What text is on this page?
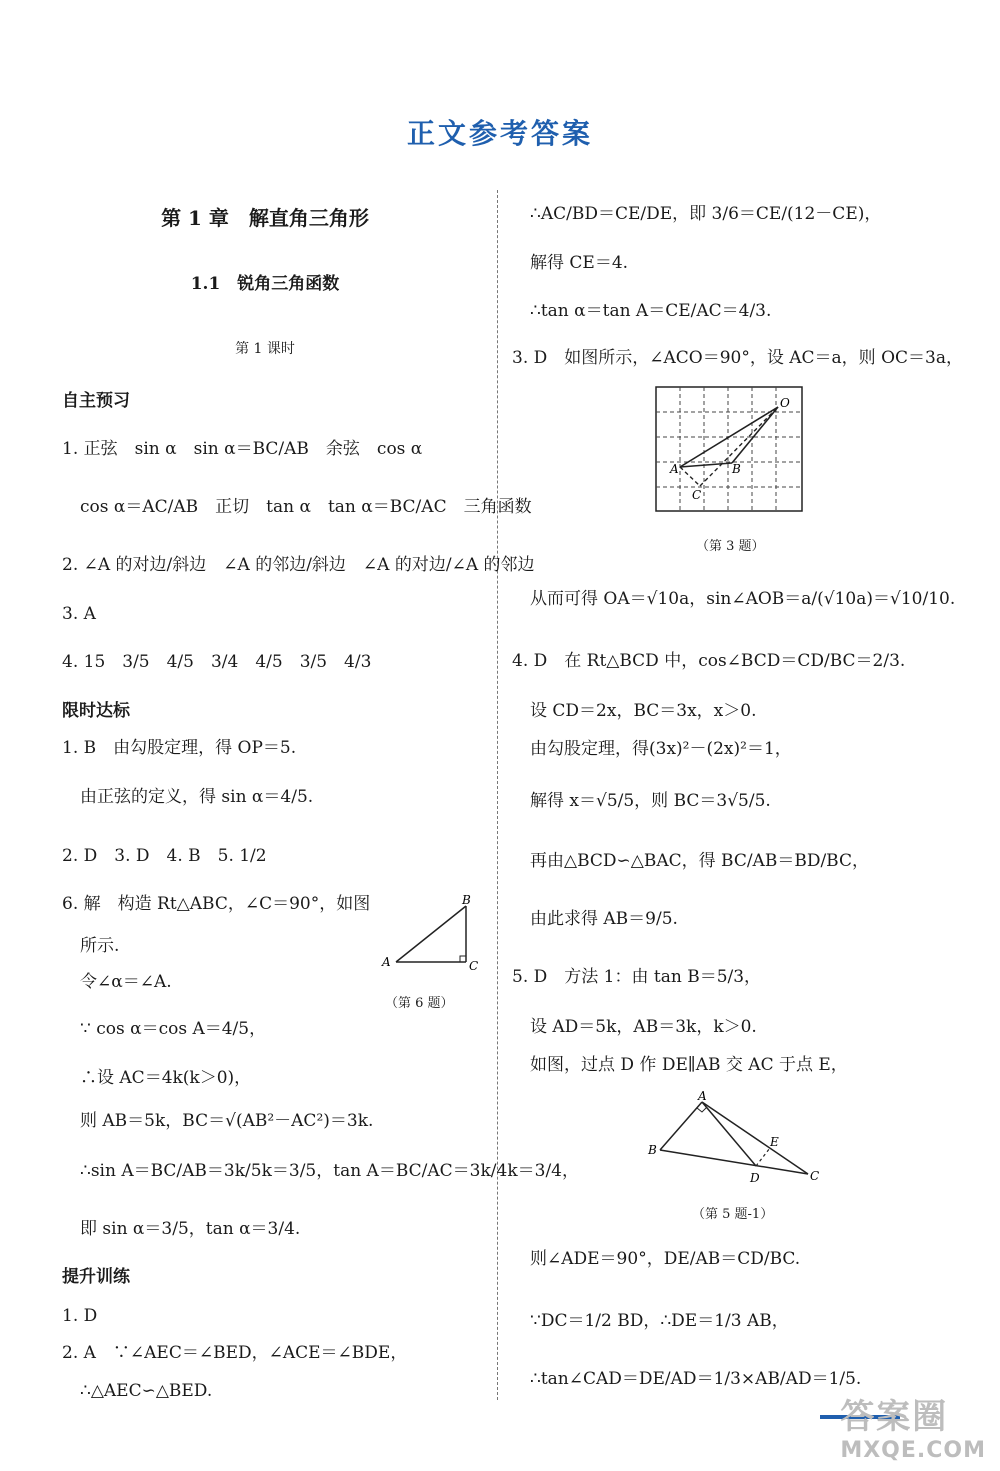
正文参考答案
第 1 章　解直角三角形
1.1　锐角三角函数
第 1 课时
自主预习
1. 正弦　sin α　sin α＝BC/AB　余弦　cos α
cos α＝AC/AB　正切　tan α　tan α＝BC/AC　三角函数
2. ∠A 的对边/斜边　∠A 的邻边/斜边　∠A 的对边/∠A 的邻边
3. A
4. 15　3/5　4/5　3/4　4/5　3/5　4/3
限时达标
1. B　由勾股定理，得 OP＝5.
由正弦的定义，得 sin α＝4/5.
2. D　3. D　4. B　5. 1/2
6. 解　构造 Rt△ABC，∠C＝90°，如图
所示.
令∠α＝∠A.
∵ cos α＝cos A＝4/5，
∴设 AC＝4k(k＞0)，
则 AB＝5k，BC＝√(AB²－AC²)＝3k.
∴sin A＝BC/AB＝3k/5k＝3/5，tan A＝BC/AC＝3k/4k＝3/4，
即 sin α＝3/5，tan α＝3/4.
B
A	C
（第 6 题）
提升训练
1. D
2. A　∵∠AEC＝∠BED，∠ACE＝∠BDE，
∴△AEC∽△BED.
∴AC/BD＝CE/DE，即 3/6＝CE/(12－CE)，
解得 CE＝4.
∴tan α＝tan A＝CE/AC＝4/3.
3. D　如图所示，∠ACO＝90°，设 AC＝a，则 OC＝3a，
O
A	B
C
（第 3 题）
从而可得 OA＝√10a，sin∠AOB＝a/(√10a)＝√10/10.
4. D　在 Rt△BCD 中，cos∠BCD＝CD/BC＝2/3.
设 CD＝2x，BC＝3x，x＞0.
由勾股定理，得(3x)²－(2x)²＝1，
解得 x＝√5/5，则 BC＝3√5/5.
再由△BCD∽△BAC，得 BC/AB＝BD/BC，
由此求得 AB＝9/5.
5. D　方法 1：由 tan B＝5/3，
设 AD＝5k，AB＝3k，k＞0.
如图，过点 D 作 DE∥AB 交 AC 于点 E，
A
B
D	C
E
（第 5 题-1）
则∠ADE＝90°，DE/AB＝CD/BC.
∵DC＝1/2 BD，∴DE＝1/3 AB，
∴tan∠CAD＝DE/AD＝1/3×AB/AD＝1/5.
答案圈
MXQE.COM
